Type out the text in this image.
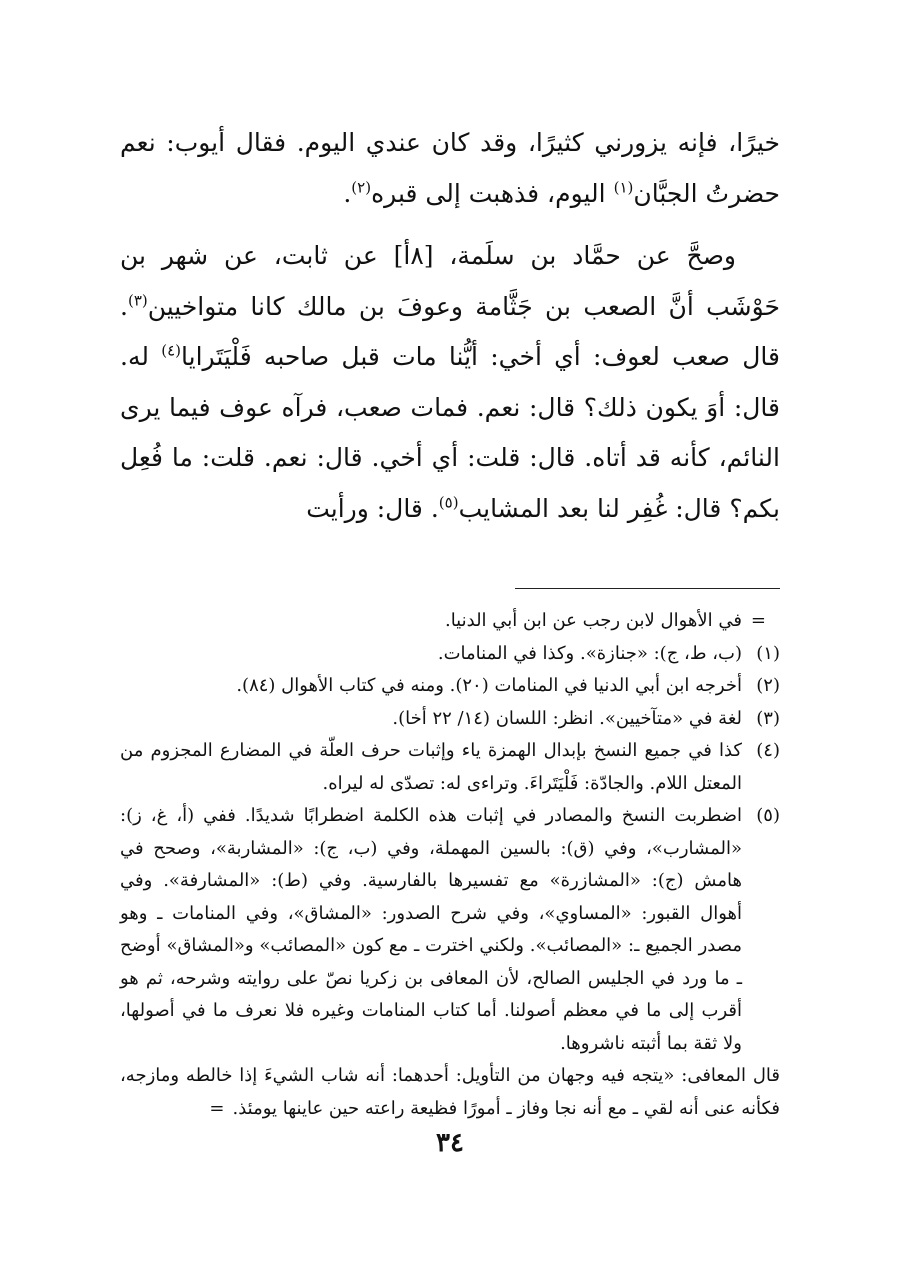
خيرًا، فإنه يزورني كثيرًا، وقد كان عندي اليوم. فقال أيوب: نعم حضرتُ الجبَّان$^{(١)}$ اليوم، فذهبت إلى قبره$^{(٢)}$.

وصحَّ عن حمَّاد بن سلَمة، [٨أ] عن ثابت، عن شهر بن حَوْشَب أنَّ الصعب بن جَثَّامة وعوفَ بن مالك كانا متواخيين$^{(٣)}$. قال صعب لعوف: أي أخي: أيُّنا مات قبل صاحبه فَلْيَتَرايا$^{(٤)}$ له. قال: أوَ يكون ذلك؟ قال: نعم. فمات صعب، فرآه عوف فيما يرى النائم، كأنه قد أتاه. قال: قلت: أي أخي. قال: نعم. قلت: ما فُعِل بكم؟ قال: غُفِر لنا بعد المشايب$^{(٥)}$. قال: ورأيت

=
في الأهوال لابن رجب عن ابن أبي الدنيا.
(١)
(ب، ط، ج): «جنازة». وكذا في المنامات.
(٢)
أخرجه ابن أبي الدنيا في المنامات (٢٠). ومنه في كتاب الأهوال (٨٤).
(٣)
لغة في «متآخيين». انظر: اللسان (١٤/ ٢٢ أخا).
(٤)
كذا في جميع النسخ بإبدال الهمزة ياء وإثبات حرف العلّة في المضارع المجزوم من المعتل اللام. والجادّة: فَلْيَتَراءَ. وتراءى له: تصدّى له ليراه.
(٥)
اضطربت النسخ والمصادر في إثبات هذه الكلمة اضطرابًا شديدًا. ففي (أ، غ، ز): «المشارب»، وفي (ق): بالسين المهملة، وفي (ب، ج): «المشاربة»، وصحح في هامش (ج): «المشازرة» مع تفسيرها بالفارسية. وفي (ط): «المشارفة». وفي أهوال القبور: «المساوي»، وفي شرح الصدور: «المشاق»، وفي المنامات ـ وهو مصدر الجميع ـ: «المصائب». ولكني اخترت ـ مع كون «المصائب» و«المشاق» أوضح ـ ما ورد في الجليس الصالح، لأن المعافى بن زكريا نصّ على روايته وشرحه، ثم هو أقرب إلى ما في معظم أصولنا. أما كتاب المنامات وغيره فلا نعرف ما في أصولها، ولا ثقة بما أثبته ناشروها.
قال المعافى: «يتجه فيه وجهان من التأويل: أحدهما: أنه شاب الشيءَ إذا خالطه ومازجه، فكأنه عنى أنه لقي ـ مع أنه نجا وفاز ـ أمورًا فظيعة راعته حين عاينها يومئذ.=
٣٤
